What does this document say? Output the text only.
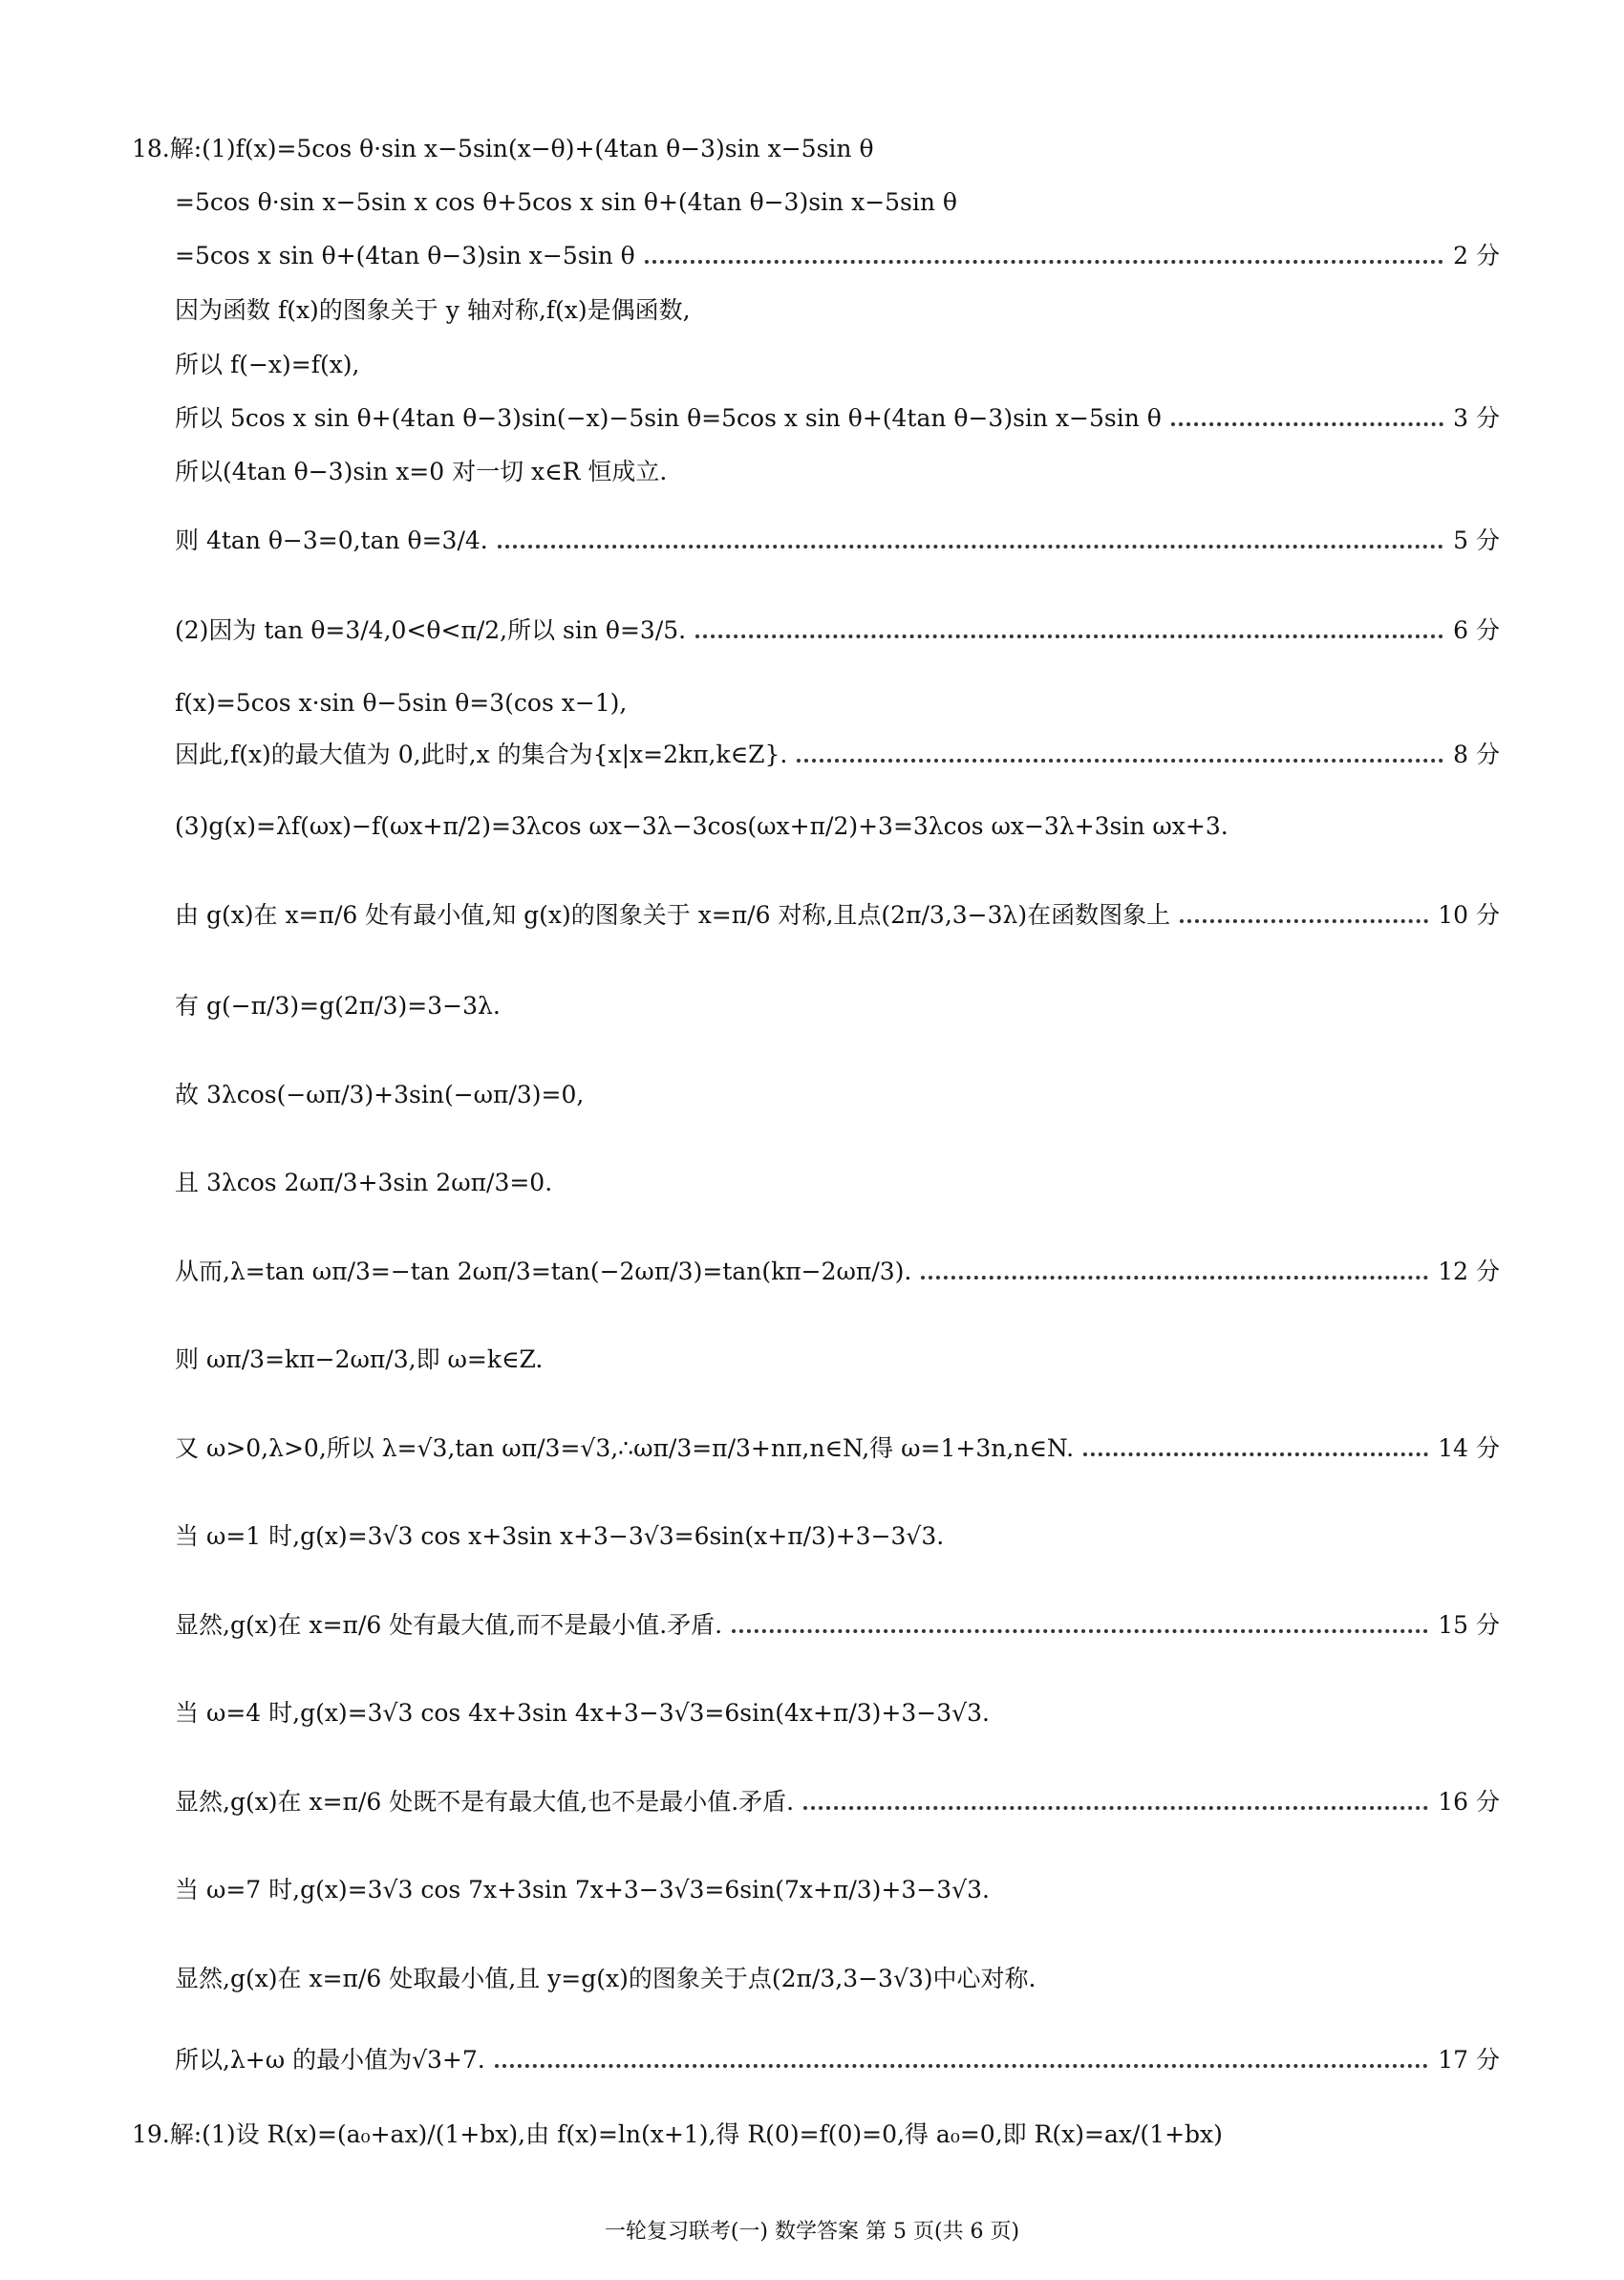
18.解:(1)f(x)=5cos θ·sin x−5sin(x−θ)+(4tan θ−3)sin x−5sin θ
=5cos θ·sin x−5sin x cos θ+5cos x sin θ+(4tan θ−3)sin x−5sin θ
=5cos x sin θ+(4tan θ−3)sin x−5sin θ	2 分
因为函数 f(x)的图象关于 y 轴对称,f(x)是偶函数,
所以 f(−x)=f(x),
所以 5cos x sin θ+(4tan θ−3)sin(−x)−5sin θ=5cos x sin θ+(4tan θ−3)sin x−5sin θ	3 分
所以(4tan θ−3)sin x=0 对一切 x∈R 恒成立.
则 4tan θ−3=0,tan θ=3/4.	5 分
(2)因为 tan θ=3/4,0<θ<π/2,所以 sin θ=3/5.	6 分
f(x)=5cos x·sin θ−5sin θ=3(cos x−1),
因此,f(x)的最大值为 0,此时,x 的集合为{x|x=2kπ,k∈Z}.	8 分
(3)g(x)=λf(ωx)−f(ωx+π/2)=3λcos ωx−3λ−3cos(ωx+π/2)+3=3λcos ωx−3λ+3sin ωx+3.
由 g(x)在 x=π/6 处有最小值,知 g(x)的图象关于 x=π/6 对称,且点(2π/3,3−3λ)在函数图象上	10 分
有 g(−π/3)=g(2π/3)=3−3λ.
故 3λcos(−ωπ/3)+3sin(−ωπ/3)=0,
且 3λcos 2ωπ/3+3sin 2ωπ/3=0.
从而,λ=tan ωπ/3=−tan 2ωπ/3=tan(−2ωπ/3)=tan(kπ−2ωπ/3).	12 分
则 ωπ/3=kπ−2ωπ/3,即 ω=k∈Z.
又 ω>0,λ>0,所以 λ=√3,tan ωπ/3=√3,∴ωπ/3=π/3+nπ,n∈N,得 ω=1+3n,n∈N.	14 分
当 ω=1 时,g(x)=3√3 cos x+3sin x+3−3√3=6sin(x+π/3)+3−3√3.
显然,g(x)在 x=π/6 处有最大值,而不是最小值.矛盾.	15 分
当 ω=4 时,g(x)=3√3 cos 4x+3sin 4x+3−3√3=6sin(4x+π/3)+3−3√3.
显然,g(x)在 x=π/6 处既不是有最大值,也不是最小值.矛盾.	16 分
当 ω=7 时,g(x)=3√3 cos 7x+3sin 7x+3−3√3=6sin(7x+π/3)+3−3√3.
显然,g(x)在 x=π/6 处取最小值,且 y=g(x)的图象关于点(2π/3,3−3√3)中心对称.
所以,λ+ω 的最小值为√3+7.	17 分
19.解:(1)设 R(x)=(a₀+ax)/(1+bx),由 f(x)=ln(x+1),得 R(0)=f(0)=0,得 a₀=0,即 R(x)=ax/(1+bx)
一轮复习联考(一) 数学答案 第 5 页(共 6 页)
